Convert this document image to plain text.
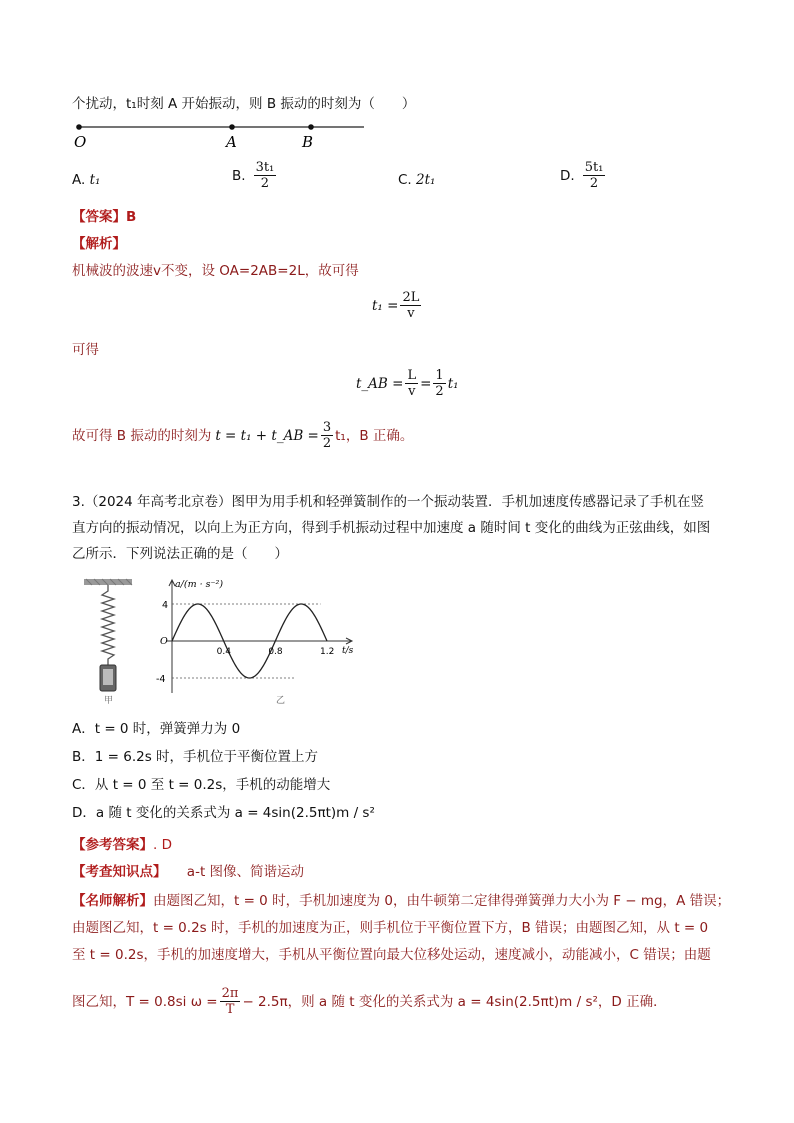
个扰动，t₁时刻 A 开始振动，则 B 振动的时刻为（　　）
O	A	B
A. t₁	B. $\frac{\text{3t₁}}{2}$	C. 2t₁	D. $\frac{\text{5t₁}}{2}$
【答案】B
【解析】
机械波的波速v不变，设 OA=2AB=2L，故可得
$t_1 = \frac{2L}{v}$
可得
t_AB = $\frac{L}{v} = \frac{1}{2} t_1$
故可得 B 振动的时刻为 t = t₁ + t_AB = $\frac{3}{2} t_1$，B 正确。
3.（2024 年高考北京卷）图甲为用手机和轻弹簧制作的一个振动装置．手机加速度传感器记录了手机在竖
直方向的振动情况，以向上为正方向，得到手机振动过程中加速度 a 随时间 t 变化的曲线为正弦曲线，如图
乙所示．下列说法正确的是（　　）
甲
a/(m · s⁻²)
t/s
O
4
-4
0.4	0.8	1.2
乙
A．t = 0 时，弹簧弹力为 0
B．1 = 6.2s 时，手机位于平衡位置上方
C．从 t = 0 至 t = 0.2s，手机的动能增大
D．a 随 t 变化的关系式为 a = 4sin(2.5πt)m / s²
【参考答案】. D
【考查知识点】 a-t 图像、简谐运动
【名师解析】由题图乙知，t = 0 时，手机加速度为 0，由牛顿第二定律得弹簧弹力大小为 F − mg，A 错误；
由题图乙知，t = 0.2s 时，手机的加速度为正，则手机位于平衡位置下方，B 错误；由题图乙知，从 t = 0
至 t = 0.2s，手机的加速度增大，手机从平衡位置向最大位移处运动，速度减小，动能减小，C 错误；由题
图乙知，T = 0.8s i $\omega = \frac{2\pi}{T} - 2.5\pi$，则 a 随 t 变化的关系式为 a = 4sin(2.5πt)m / s²，D 正确．
